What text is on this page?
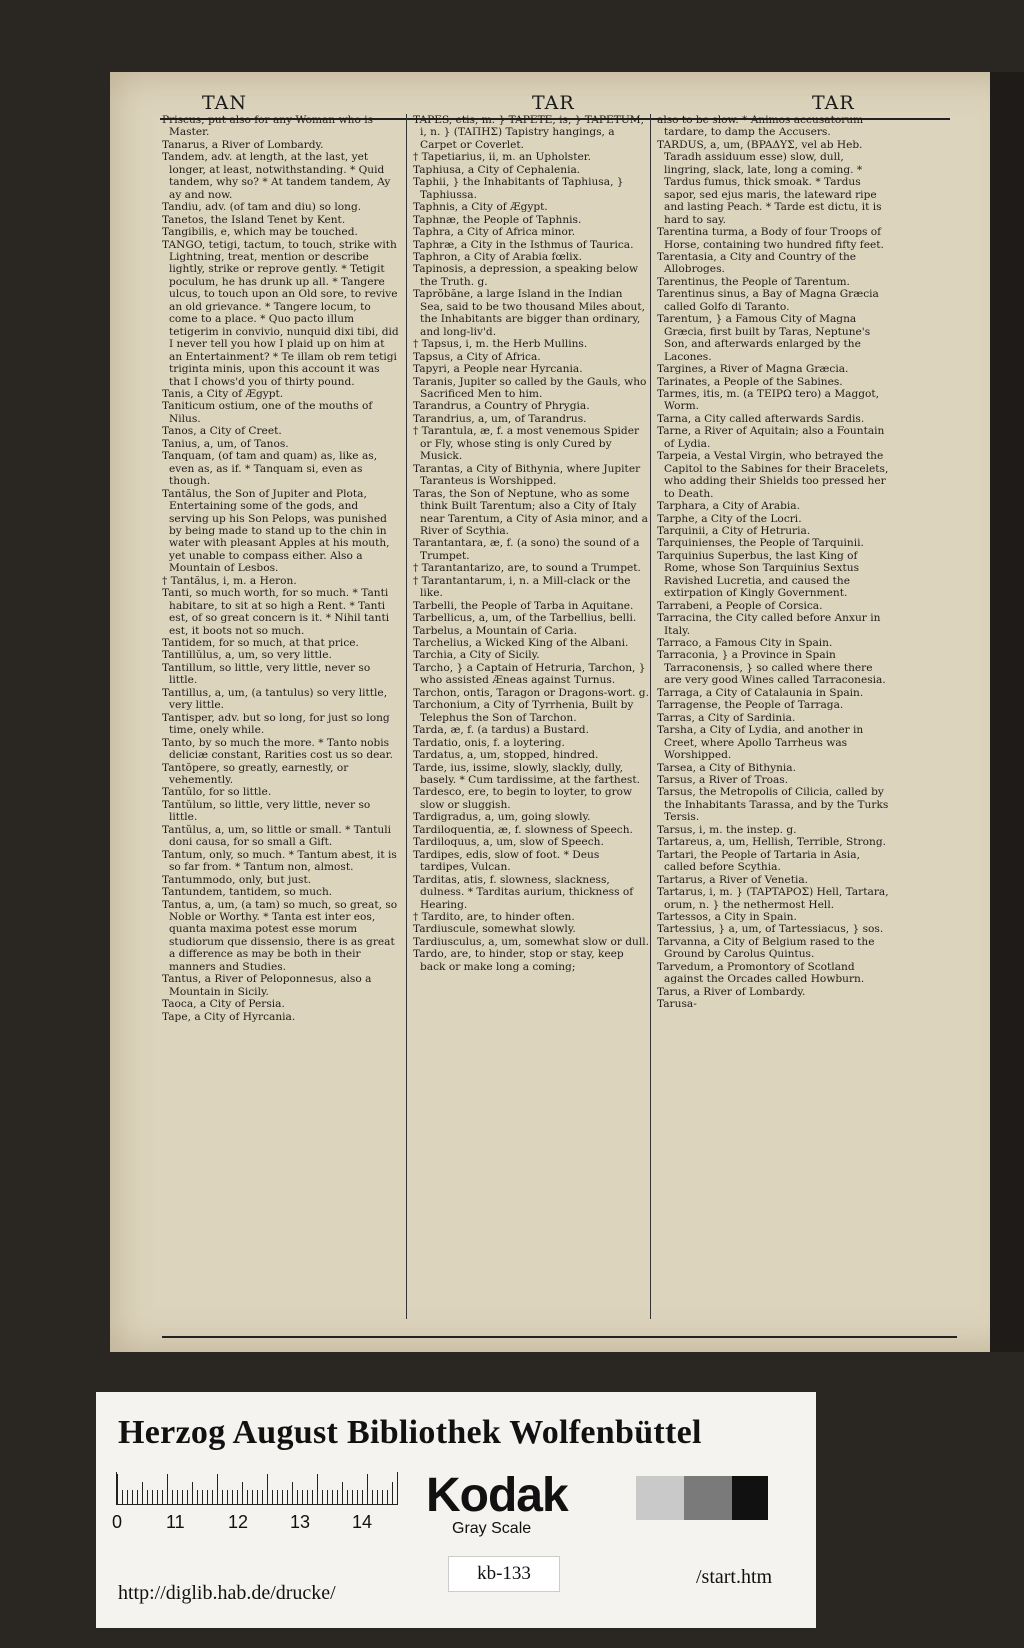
TAN	TAR	TAR

Priscus; put also for any Woman who is Master.

Tanarus, a River of Lombardy.

Tandem, adv. at length, at the last, yet longer, at least, notwithstanding. * Quid tandem, why so? * At tandem tandem, Ay ay and now.

Tandiu, adv. (of tam and diu) so long.

Tanetos, the Island Tenet by Kent.

Tangibilis, e, which may be touched.

TANGO, tetigi, tactum, to touch, strike with Lightning, treat, mention or describe lightly, strike or reprove gently. * Tetigit poculum, he has drunk up all. * Tangere ulcus, to touch upon an Old sore, to revive an old grievance. * Tangere locum, to come to a place. * Quo pacto illum tetigerim in convivio, nunquid dixi tibi, did I never tell you how I plaid up on him at an Entertainment? * Te illam ob rem tetigi triginta minis, upon this account it was that I chows'd you of thirty pound.

Tanis, a City of Ægypt.

Taniticum ostium, one of the mouths of Nilus.

Tanos, a City of Creet.

Tanius, a, um, of Tanos.

Tanquam, (of tam and quam) as, like as, even as, as if. * Tanquam si, even as though.

Tantălus, the Son of Jupiter and Plota, Entertaining some of the gods, and serving up his Son Pelops, was punished by being made to stand up to the chin in water with pleasant Apples at his mouth, yet unable to compass either. Also a Mountain of Lesbos.

† Tantălus, i, m. a Heron.

Tanti, so much worth, for so much. * Tanti habitare, to sit at so high a Rent. * Tanti est, of so great concern is it. * Nihil tanti est, it boots not so much.

Tantidem, for so much, at that price.

Tantillŭlus, a, um, so very little.

Tantillum, so little, very little, never so little.

Tantillus, a, um, (a tantulus) so very little, very little.

Tantisper, adv. but so long, for just so long time, onely while.

Tanto, by so much the more. * Tanto nobis deliciæ constant, Rarities cost us so dear.

Tantŏpere, so greatly, earnestly, or vehemently.

Tantŭlo, for so little.

Tantŭlum, so little, very little, never so little.

Tantŭlus, a, um, so little or small. * Tantuli doni causa, for so small a Gift.

Tantum, only, so much. * Tantum abest, it is so far from. * Tantum non, almost.

Tantummodo, only, but just.

Tantundem, tantidem, so much.

Tantus, a, um, (a tam) so much, so great, so Noble or Worthy. * Tanta est inter eos, quanta maxima potest esse morum studiorum que dissensio, there is as great a difference as may be both in their manners and Studies.

Tantus, a River of Peloponnesus, also a Mountain in Sicily.

Taoca, a City of Persia.

Tape, a City of Hyrcania.

TAPES, etis, m. } TAPETE, is, } TAPETUM, i, n. } (TAΠHΣ) Tapistry hangings, a Carpet or Coverlet.

† Tapetiarius, ii, m. an Upholster.

Taphiusa, a City of Cephalenia.

Taphii, } the Inhabitants of Taphiusa, } Taphiussa.

Taphnis, a City of Ægypt.

Taphnæ, the People of Taphnis.

Taphra, a City of Africa minor.

Taphræ, a City in the Isthmus of Taurica.

Taphron, a City of Arabia fœlix.

Tapinosis, a depression, a speaking below the Truth. g.

Taprŏbăne, a large Island in the Indian Sea, said to be two thousand Miles about, the Inhabitants are bigger than ordinary, and long-liv'd.

† Tapsus, i, m. the Herb Mullins.

Tapsus, a City of Africa.

Tapyri, a People near Hyrcania.

Taranis, Jupiter so called by the Gauls, who Sacrificed Men to him.

Tarandrus, a Country of Phrygia.

Tarandrius, a, um, of Tarandrus.

† Tarantula, æ, f. a most venemous Spider or Fly, whose sting is only Cured by Musick.

Tarantas, a City of Bithynia, where Jupiter Taranteus is Worshipped.

Taras, the Son of Neptune, who as some think Built Tarentum; also a City of Italy near Tarentum, a City of Asia minor, and a River of Scythia.

Tarantantara, æ, f. (a sono) the sound of a Trumpet.

† Tarantantarizo, are, to sound a Trumpet.

† Tarantantarum, i, n. a Mill-clack or the like.

Tarbelli, the People of Tarba in Aquitane.

Tarbellicus, a, um, of the Tarbellius, belli.

Tarbelus, a Mountain of Caria.

Tarchelius, a Wicked King of the Albani.

Tarchia, a City of Sicily.

Tarcho, } a Captain of Hetruria, Tarchon, } who assisted Æneas against Turnus.

Tarchon, ontis, Taragon or Dragons-wort. g.

Tarchonium, a City of Tyrrhenia, Built by Telephus the Son of Tarchon.

Tarda, æ, f. (a tardus) a Bustard.

Tardatio, onis, f. a loytering.

Tardatus, a, um, stopped, hindred.

Tarde, ius, issime, slowly, slackly, dully, basely. * Cum tardissime, at the farthest.

Tardesco, ere, to begin to loyter, to grow slow or sluggish.

Tardigradus, a, um, going slowly.

Tardiloquentia, æ, f. slowness of Speech.

Tardiloquus, a, um, slow of Speech.

Tardipes, edis, slow of foot. * Deus tardipes, Vulcan.

Tarditas, atis, f. slowness, slackness, dulness. * Tarditas aurium, thickness of Hearing.

† Tardito, are, to hinder often.

Tardiuscule, somewhat slowly.

Tardiusculus, a, um, somewhat slow or dull.

Tardo, are, to hinder, stop or stay, keep back or make long a coming;

also to be slow. * Animos accusatorum tardare, to damp the Accusers.

TARDUS, a, um, (BPAΔΥΣ, vel ab Heb. Taradh assiduum esse) slow, dull, lingring, slack, late, long a coming. * Tardus fumus, thick smoak. * Tardus sapor, sed ejus maris, the lateward ripe and lasting Peach. * Tarde est dictu, it is hard to say.

Tarentina turma, a Body of four Troops of Horse, containing two hundred fifty feet.

Tarentasia, a City and Country of the Allobroges.

Tarentinus, the People of Tarentum.

Tarentinus sinus, a Bay of Magna Græcia called Golfo di Taranto.

Tarentum, } a Famous City of Magna Græcia, first built by Taras, Neptune's Son, and afterwards enlarged by the Lacones.

Targines, a River of Magna Græcia.

Tarinates, a People of the Sabines.

Tarmes, itis, m. (a TEIPΩ tero) a Maggot, Worm.

Tarna, a City called afterwards Sardis.

Tarne, a River of Aquitain; also a Fountain of Lydia.

Tarpeia, a Vestal Virgin, who betrayed the Capitol to the Sabines for their Bracelets, who adding their Shields too pressed her to Death.

Tarphara, a City of Arabia.

Tarphe, a City of the Locri.

Tarquinii, a City of Hetruria.

Tarquinienses, the People of Tarquinii.

Tarquinius Superbus, the last King of Rome, whose Son Tarquinius Sextus Ravished Lucretia, and caused the extirpation of Kingly Government.

Tarrabeni, a People of Corsica.

Tarracina, the City called before Anxur in Italy.

Tarraco, a Famous City in Spain.

Tarraconia, } a Province in Spain Tarraconensis, } so called where there are very good Wines called Tarraconesia.

Tarraga, a City of Catalaunia in Spain.

Tarragense, the People of Tarraga.

Tarras, a City of Sardinia.

Tarsha, a City of Lydia, and another in Creet, where Apollo Tarrheus was Worshipped.

Tarsea, a City of Bithynia.

Tarsus, a River of Troas.

Tarsus, the Metropolis of Cilicia, called by the Inhabitants Tarassa, and by the Turks Tersis.

Tarsus, i, m. the instep. g.

Tartareus, a, um, Hellish, Terrible, Strong.

Tartari, the People of Tartaria in Asia, called before Scythia.

Tartarus, a River of Venetia.

Tartarus, i, m. } (TAPTAPOΣ) Hell, Tartara, orum, n. } the nethermost Hell.

Tartessos, a City in Spain.

Tartessius, } a, um, of Tartessiacus, } sos.

Tarvanna, a City of Belgium rased to the Ground by Carolus Quintus.

Tarvedum, a Promontory of Scotland against the Orcades called Howburn.

Tarus, a River of Lombardy.

Tarusa-

Herzog August Bibliothek Wolfenbüttel
0 11 12 13 14 Kodak
Gray Scale
kb-133
http://diglib.hab.de/drucke/
/start.htm
